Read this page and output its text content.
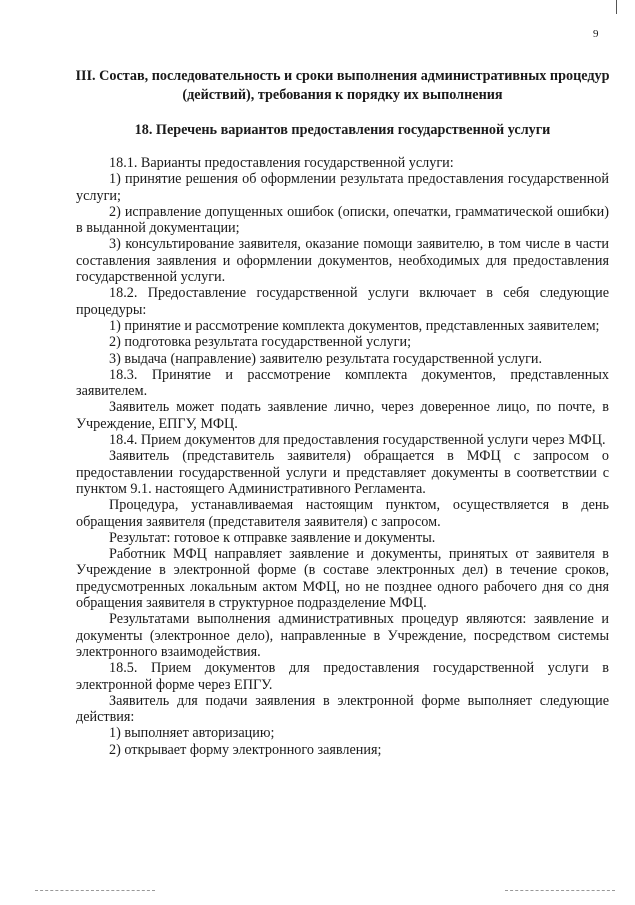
9
III. Состав, последовательность и сроки выполнения административных процедур (действий), требования к порядку их выполнения
18. Перечень вариантов предоставления государственной услуги

18.1. Варианты предоставления государственной услуги:

1) принятие решения об оформлении результата предоставления государственной услуги;

2) исправление допущенных ошибок (описки, опечатки, грамматической ошибки) в выданной документации;

3) консультирование заявителя, оказание помощи заявителю, в том числе в части составления заявления и оформлении документов, необходимых для предоставления государственной услуги.

18.2. Предоставление государственной услуги включает в себя следующие процедуры:

1) принятие и рассмотрение комплекта документов, представленных заявителем;

2) подготовка результата государственной услуги;

3) выдача (направление) заявителю результата государственной услуги.

18.3. Принятие и рассмотрение комплекта документов, представленных заявителем.

Заявитель может подать заявление лично, через доверенное лицо, по почте, в Учреждение, ЕПГУ, МФЦ.

18.4. Прием документов для предоставления государственной услуги через МФЦ.

Заявитель (представитель заявителя) обращается в МФЦ с запросом о предоставлении государственной услуги и представляет документы в соответствии с пунктом 9.1. настоящего Административного Регламента.

Процедура, устанавливаемая настоящим пунктом, осуществляется в день обращения заявителя (представителя заявителя) с запросом.

Результат: готовое к отправке заявление и документы.

Работник МФЦ направляет заявление и документы, принятых от заявителя в Учреждение в электронной форме (в составе электронных дел) в течение сроков, предусмотренных локальным актом МФЦ, но не позднее одного рабочего дня со дня обращения заявителя в структурное подразделение МФЦ.

Результатами выполнения административных процедур являются: заявление и документы (электронное дело), направленные в Учреждение, посредством системы электронного взаимодействия.

18.5. Прием документов для предоставления государственной услуги в электронной форме через ЕПГУ.

Заявитель для подачи заявления в электронной форме выполняет следующие действия:

1) выполняет авторизацию;

2) открывает форму электронного заявления;
